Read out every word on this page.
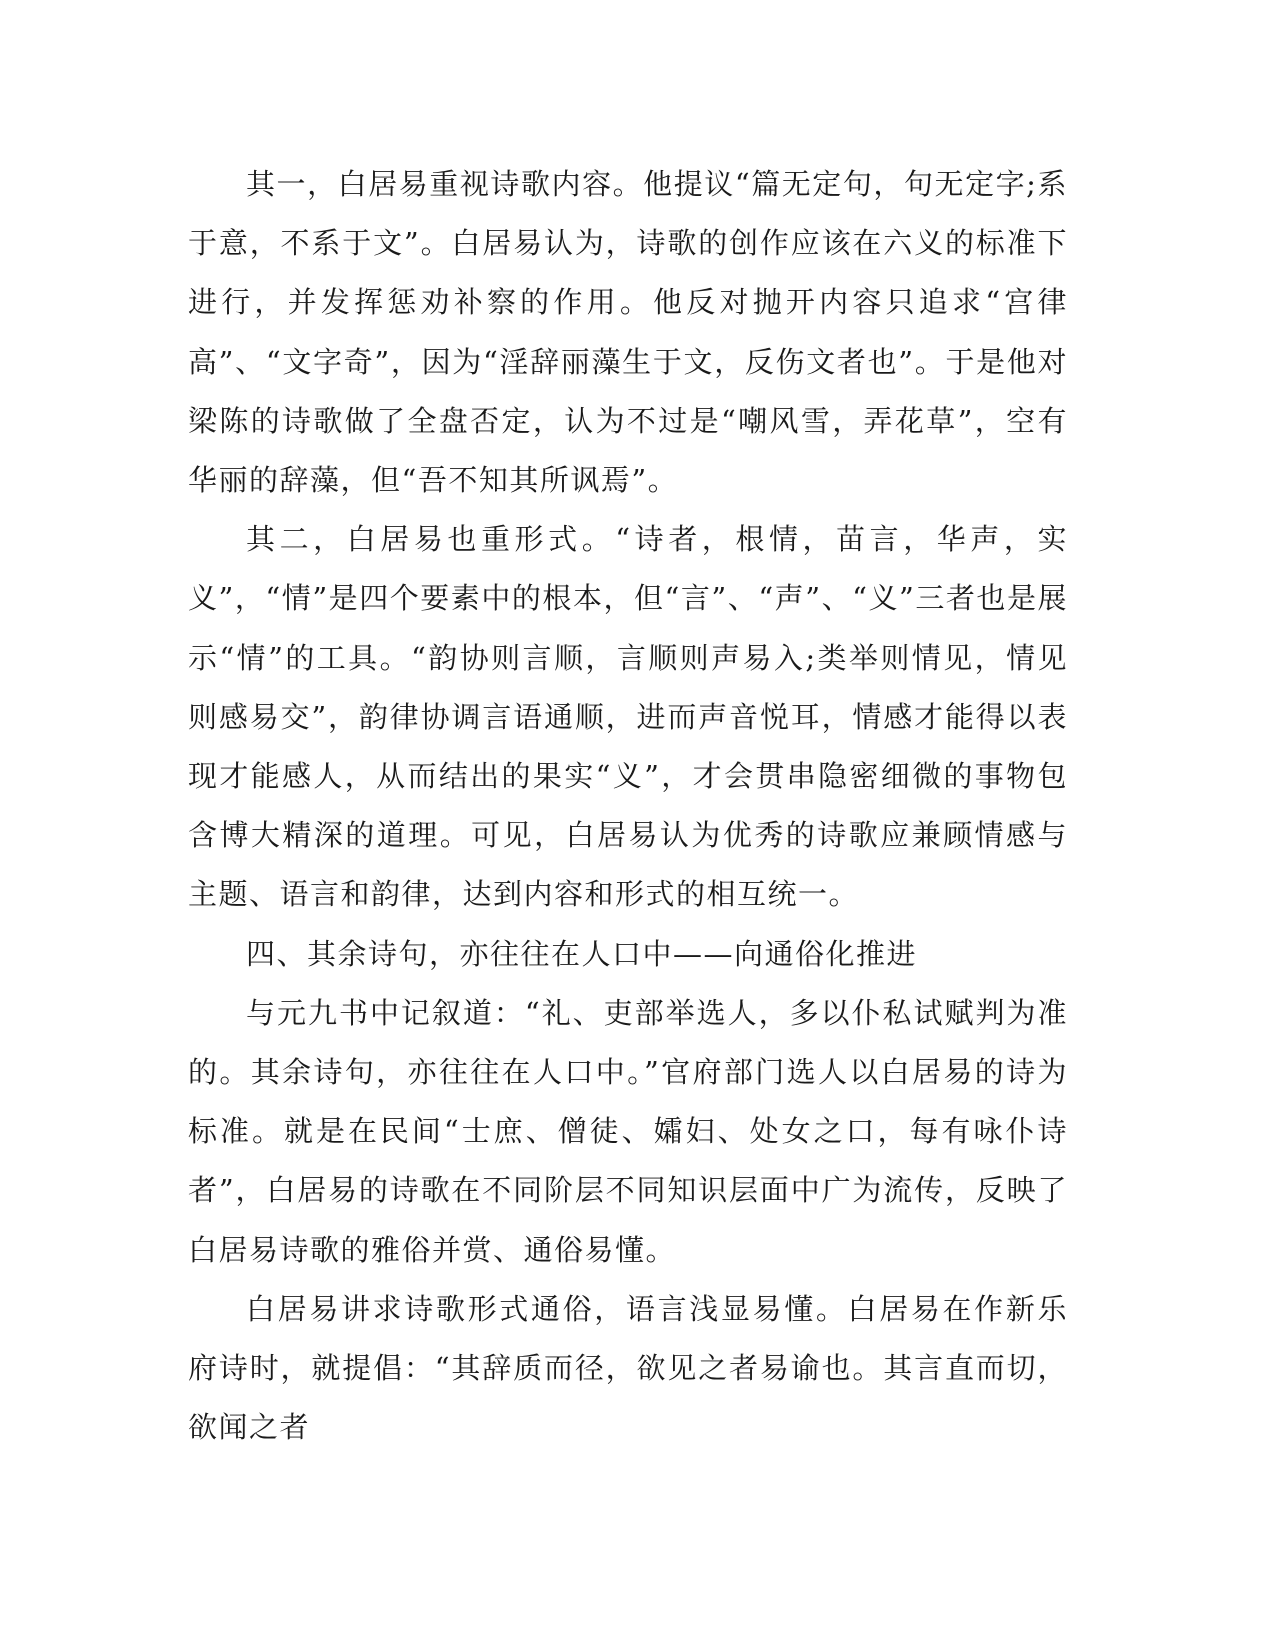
其一，白居易重视诗歌内容。他提议“篇无定句，句无定字;系于意，不系于文”。白居易认为，诗歌的创作应该在六义的标准下进行，并发挥惩劝补察的作用。他反对抛开内容只追求“宫律高”、“文字奇”，因为“淫辞丽藻生于文，反伤文者也”。于是他对梁陈的诗歌做了全盘否定，认为不过是“嘲风雪，弄花草”，空有华丽的辞藻，但“吾不知其所讽焉”。

其二，白居易也重形式。“诗者，根情，苗言，华声，实义”，“情”是四个要素中的根本，但“言”、“声”、“义”三者也是展示“情”的工具。“韵协则言顺，言顺则声易入;类举则情见，情见则感易交”，韵律协调言语通顺，进而声音悦耳，情感才能得以表现才能感人，从而结出的果实“义”，才会贯串隐密细微的事物包含博大精深的道理。可见，白居易认为优秀的诗歌应兼顾情感与主题、语言和韵律，达到内容和形式的相互统一。

四、其余诗句，亦往往在人口中——向通俗化推进

与元九书中记叙道：“礼、吏部举选人，多以仆私试赋判为准的。其余诗句，亦往往在人口中。”官府部门选人以白居易的诗为标准。就是在民间“士庶、僧徒、孀妇、处女之口，每有咏仆诗者”，白居易的诗歌在不同阶层不同知识层面中广为流传，反映了白居易诗歌的雅俗并赏、通俗易懂。

白居易讲求诗歌形式通俗，语言浅显易懂。白居易在作新乐府诗时，就提倡：“其辞质而径，欲见之者易谕也。其言直而切，欲闻之者
